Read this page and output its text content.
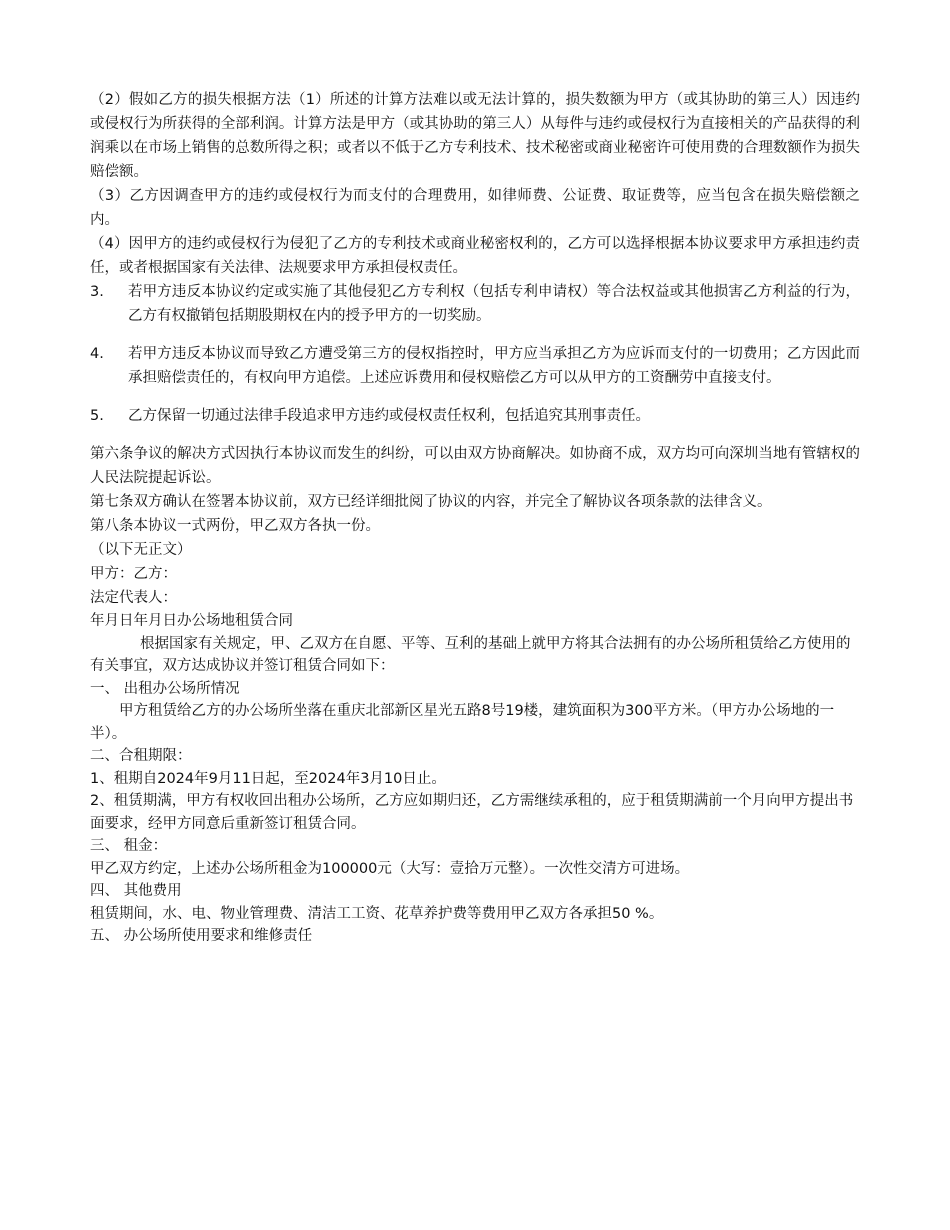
（2）假如乙方的损失根据方法（1）所述的计算方法难以或无法计算的，损失数额为甲方（或其协助的第三人）因违约或侵权行为所获得的全部利润。计算方法是甲方（或其协助的第三人）从每件与违约或侵权行为直接相关的产品获得的利润乘以在市场上销售的总数所得之积；或者以不低于乙方专利技术、技术秘密或商业秘密许可使用费的合理数额作为损失赔偿额。

（3）乙方因调查甲方的违约或侵权行为而支付的合理费用，如律师费、公证费、取证费等，应当包含在损失赔偿额之内。

（4）因甲方的违约或侵权行为侵犯了乙方的专利技术或商业秘密权利的，乙方可以选择根据本协议要求甲方承担违约责任，或者根据国家有关法律、法规要求甲方承担侵权责任。

3.	若甲方违反本协议约定或实施了其他侵犯乙方专利权（包括专利申请权）等合法权益或其他损害乙方利益的行为，乙方有权撤销包括期股期权在内的授予甲方的一切奖励。
4.	若甲方违反本协议而导致乙方遭受第三方的侵权指控时，甲方应当承担乙方为应诉而支付的一切费用；乙方因此而承担赔偿责任的，有权向甲方追偿。上述应诉费用和侵权赔偿乙方可以从甲方的工资酬劳中直接支付。
5.	乙方保留一切通过法律手段追求甲方违约或侵权责任权利，包括追究其刑事责任。

第六条争议的解决方式因执行本协议而发生的纠纷，可以由双方协商解决。如协商不成，双方均可向深圳当地有管辖权的人民法院提起诉讼。

第七条双方确认在签署本协议前，双方已经详细批阅了协议的内容，并完全了解协议各项条款的法律含义。

第八条本协议一式两份，甲乙双方各执一份。

（以下无正文）

甲方：乙方：

法定代表人：

年月日年月日办公场地租赁合同

根据国家有关规定，甲、乙双方在自愿、平等、互利的基础上就甲方将其合法拥有的办公场所租赁给乙方使用的有关事宜，双方达成协议并签订租赁合同如下：

一、 出租办公场所情况

甲方租赁给乙方的办公场所坐落在重庆北部新区星光五路8号19楼，建筑面积为300平方米。（甲方办公场地的一半）。

二、合租期限：

1、租期自2024年9月11日起，至2024年3月10日止。

2、租赁期满，甲方有权收回出租办公场所，乙方应如期归还，乙方需继续承租的，应于租赁期满前一个月向甲方提出书面要求，经甲方同意后重新签订租赁合同。

三、 租金：

甲乙双方约定，上述办公场所租金为100000元（大写：壹拾万元整）。一次性交清方可进场。

四、 其他费用

租赁期间，水、电、物业管理费、清洁工工资、花草养护费等费用甲乙双方各承担50 %。

五、 办公场所使用要求和维修责任
